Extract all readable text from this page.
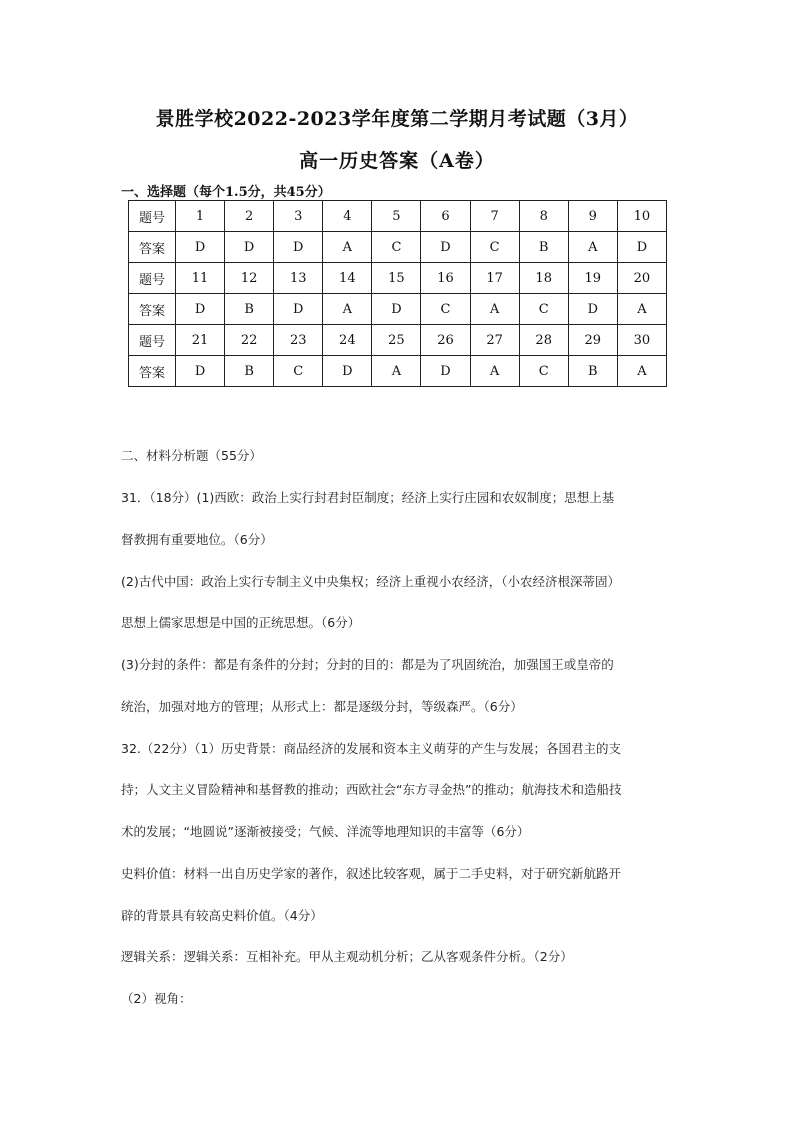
景胜学校2022-2023学年度第二学期月考试题（3月）
高一历史答案（A卷）
一、选择题（每个1.5分，共45分）
题号	1	2	3	4	5	6	7	8	9	10
答案	D	D	D	A	C	D	C	B	A	D
题号	11	12	13	14	15	16	17	18	19	20
答案	D	B	D	A	D	C	A	C	D	A
题号	21	22	23	24	25	26	27	28	29	30
答案	D	B	C	D	A	D	A	C	B	A
二、材料分析题（55分）
31．（18分）(1)西欧：政治上实行封君封臣制度；经济上实行庄园和农奴制度；思想上基
督教拥有重要地位。（6分）
(2)古代中国：政治上实行专制主义中央集权；经济上重视小农经济，（小农经济根深蒂固）
思想上儒家思想是中国的正统思想。（6分）
(3)分封的条件：都是有条件的分封；分封的目的：都是为了巩固统治，加强国王或皇帝的
统治，加强对地方的管理；从形式上：都是逐级分封，等级森严。（6分）
32.（22分）（1）历史背景：商品经济的发展和资本主义萌芽的产生与发展；各国君主的支
持；人文主义冒险精神和基督教的推动；西欧社会“东方寻金热”的推动；航海技术和造船技
术的发展；“地圆说”逐渐被接受；气候、洋流等地理知识的丰富等（6分）
史料价值：材料一出自历史学家的著作，叙述比较客观，属于二手史料，对于研究新航路开
辟的背景具有较高史料价值。（4分）
逻辑关系：逻辑关系：互相补充。甲从主观动机分析；乙从客观条件分析。（2分）
（2）视角：
